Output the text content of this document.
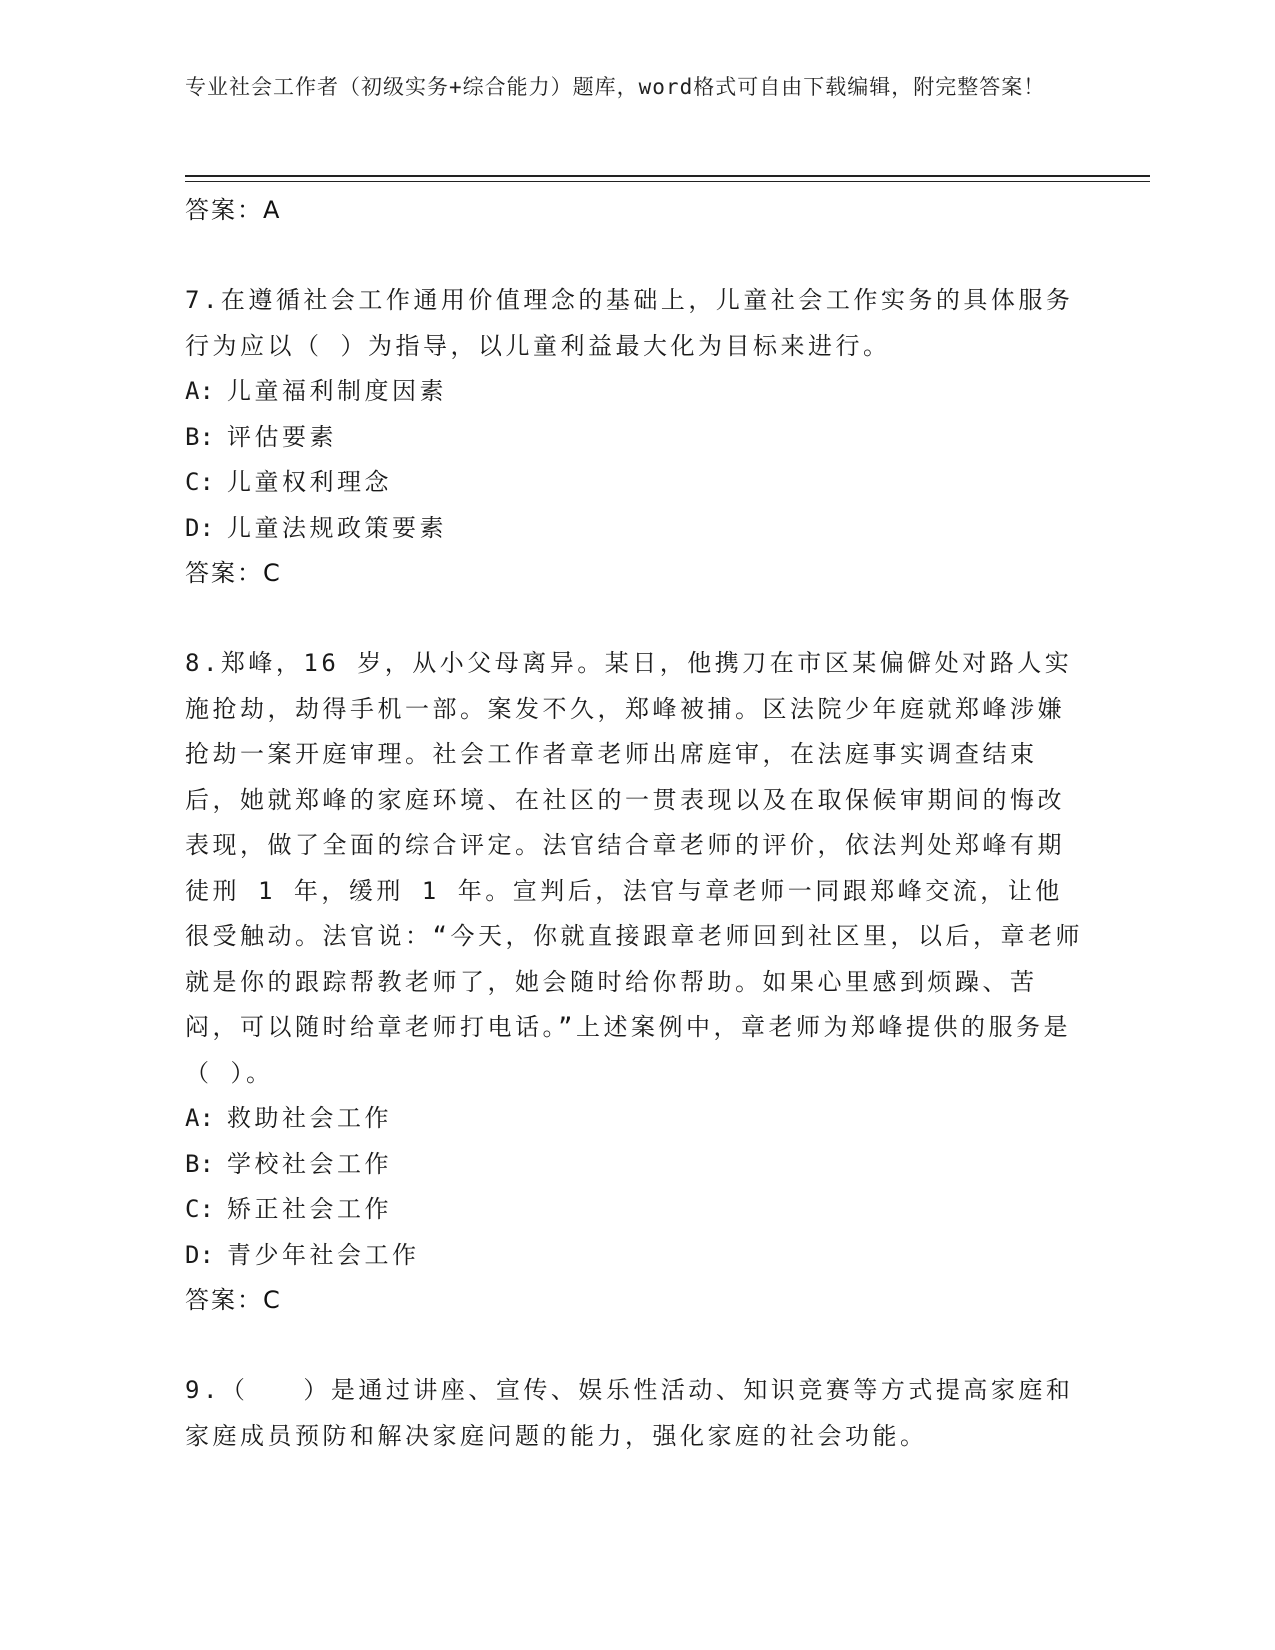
专业社会工作者（初级实务+综合能力）题库，word格式可自由下载编辑，附完整答案！
答案：A
7.在遵循社会工作通用价值理念的基础上，儿童社会工作实务的具体服务行为应以（ ）为指导，以儿童利益最大化为目标来进行。
A: 儿童福利制度因素
B: 评估要素
C: 儿童权利理念
D: 儿童法规政策要素
答案：C
8.郑峰，16 岁，从小父母离异。某日，他携刀在市区某偏僻处对路人实施抢劫，劫得手机一部。案发不久，郑峰被捕。区法院少年庭就郑峰涉嫌抢劫一案开庭审理。社会工作者章老师出席庭审，在法庭事实调查结束后，她就郑峰的家庭环境、在社区的一贯表现以及在取保候审期间的悔改表现，做了全面的综合评定。法官结合章老师的评价，依法判处郑峰有期徒刑 1 年，缓刑 1 年。宣判后，法官与章老师一同跟郑峰交流，让他很受触动。法官说：“今天，你就直接跟章老师回到社区里，以后，章老师就是你的跟踪帮教老师了，她会随时给你帮助。如果心里感到烦躁、苦闷，可以随时给章老师打电话。”上述案例中，章老师为郑峰提供的服务是（ ）。
A: 救助社会工作
B: 学校社会工作
C: 矫正社会工作
D: 青少年社会工作
答案：C
9.（　　）是通过讲座、宣传、娱乐性活动、知识竞赛等方式提高家庭和家庭成员预防和解决家庭问题的能力，强化家庭的社会功能。
